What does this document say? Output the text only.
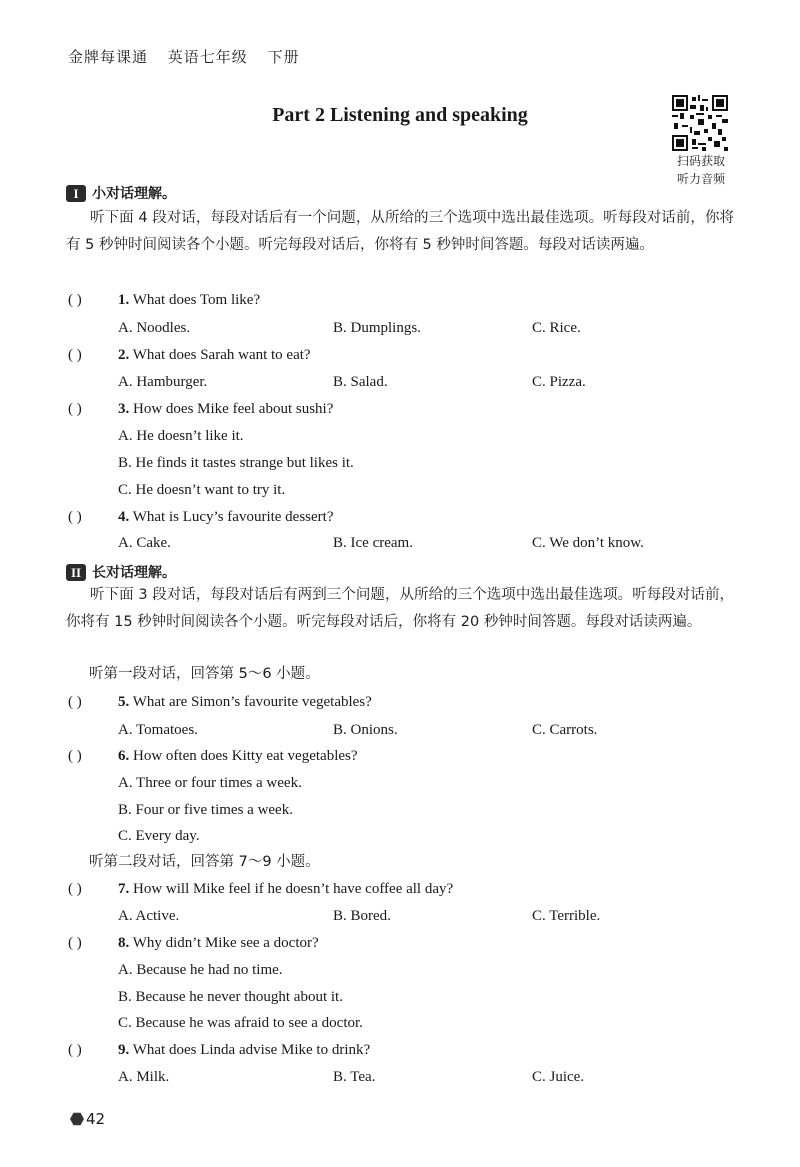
金牌每课通 英语七年级 下册
Part 2 Listening and speaking
扫码获取
听力音频
I 小对话理解。
听下面 4 段对话，每段对话后有一个问题，从所给的三个选项中选出最佳选项。听每段对话前，你将有 5 秒钟时间阅读各个小题。听完每段对话后，你将有 5 秒钟时间答题。每段对话读两遍。
( ) 1. What does Tom like?
A. Noodles.	B. Dumplings.	C. Rice.
( ) 2. What does Sarah want to eat?
A. Hamburger.	B. Salad.	C. Pizza.
( ) 3. How does Mike feel about sushi?
A. He doesn’t like it.
B. He finds it tastes strange but likes it.
C. He doesn’t want to try it.
( ) 4. What is Lucy’s favourite dessert?
A. Cake.	B. Ice cream.	C. We don’t know.
II 长对话理解。
听下面 3 段对话，每段对话后有两到三个问题，从所给的三个选项中选出最佳选项。听每段对话前，你将有 15 秒钟时间阅读各个小题。听完每段对话后，你将有 20 秒钟时间答题。每段对话读两遍。
听第一段对话，回答第 5～6 小题。
( ) 5. What are Simon’s favourite vegetables?
A. Tomatoes.	B. Onions.	C. Carrots.
( ) 6. How often does Kitty eat vegetables?
A. Three or four times a week.
B. Four or five times a week.
C. Every day.
听第二段对话，回答第 7～9 小题。
( ) 7. How will Mike feel if he doesn’t have coffee all day?
A. Active.	B. Bored.	C. Terrible.
( ) 8. Why didn’t Mike see a doctor?
A. Because he had no time.
B. Because he never thought about it.
C. Because he was afraid to see a doctor.
( ) 9. What does Linda advise Mike to drink?
A. Milk.	B. Tea.	C. Juice.
42
